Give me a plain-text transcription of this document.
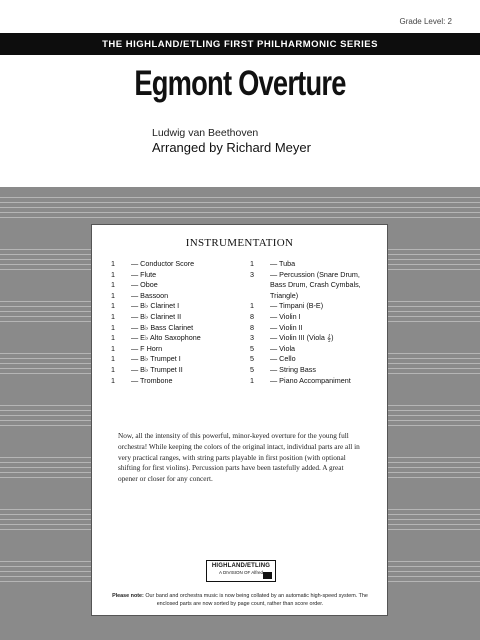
Grade Level: 2
THE HIGHLAND/ETLING FIRST PHILHARMONIC SERIES
Egmont Overture
Ludwig van Beethoven
Arranged by Richard Meyer
INSTRUMENTATION
1	— Conductor Score
1	— Flute
1	— Oboe
1	— Bassoon
1	— B♭ Clarinet I
1	— B♭ Clarinet II
1	— B♭ Bass Clarinet
1	— E♭ Alto Saxophone
1	— F Horn
1	— B♭ Trumpet I
1	— B♭ Trumpet II
1	— Trombone
1	— Tuba
3	— Percussion (Snare Drum, Bass Drum, Crash Cymbals, Triangle)
1	— Timpani (B-E)
8	— Violin I
8	— Violin II
3	— Violin III (Viola 𝄞)
5	— Viola
5	— Cello
5	— String Bass
1	— Piano Accompaniment
Now, all the intensity of this powerful, minor-keyed overture for the young full orchestra! While keeping the colors of the original intact, individual parts are all in very practical ranges, with string parts playable in first position (with optional shifting for first violins). Percussion parts have been tastefully added. A great opener or closer for any concert.
HIGHLAND/ETLING
A DIVISION OF Alfred
Please note: Our band and orchestra music is now being collated by an automatic high-speed system. The enclosed parts are now sorted by page count, rather than score order.
